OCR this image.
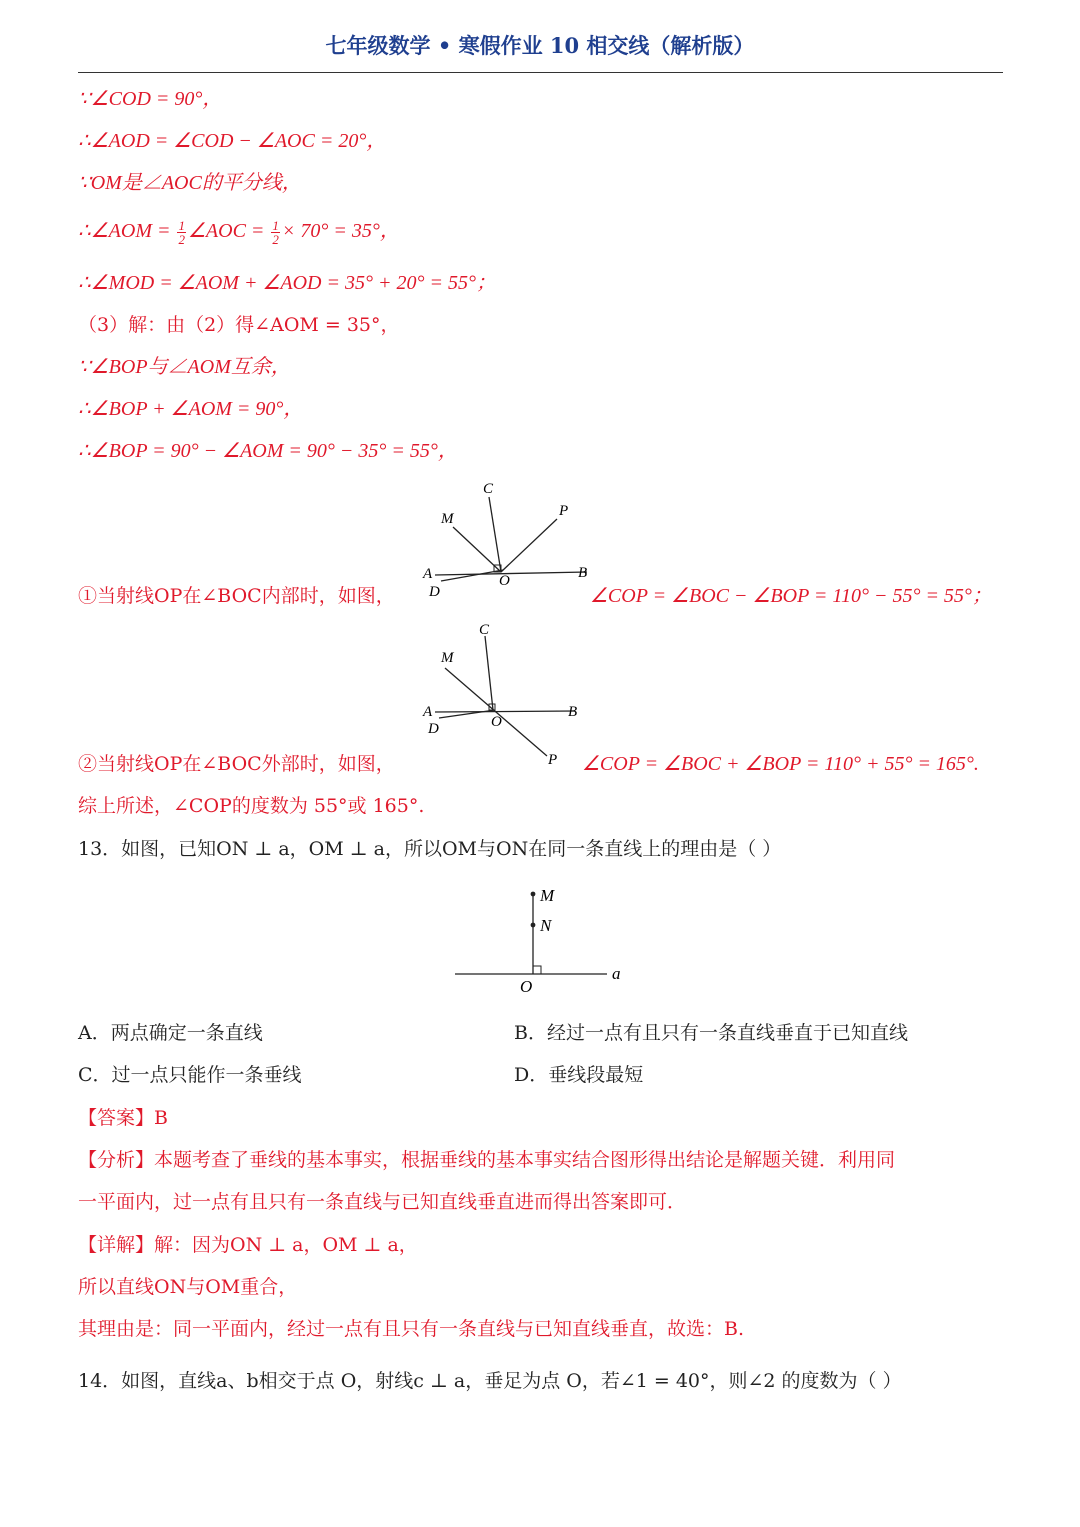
七年级数学 • 寒假作业 10 相交线（解析版）
∵∠COD = 90°，
∴∠AOD = ∠COD − ∠AOC = 20°，
∵OM是∠AOC的平分线，
∴∠AOM = $\frac{1}{2}$ ∠AOC = $\frac{1}{2} \times 70^\circ = 35^\circ$，
∴∠MOD = ∠AOM + ∠AOD = 35° + 20° = 55°；
（3）解：由（2）得∠AOM = 35°，
∵∠BOP与∠AOM互余，
∴∠BOP + ∠AOM = 90°，
∴∠BOP = 90° − ∠AOM = 90° − 35° = 55°，
C
M	P
A
D
O	B
①当射线OP在∠BOC内部时，如图，	∠COP = ∠BOC − ∠BOP = 110° − 55° = 55°；
C
M
A
D	O
B
P
②当射线OP在∠BOC外部时，如图，	∠COP = ∠BOC + ∠BOP = 110° + 55° = 165°.
综上所述，∠COP的度数为 55°或 165°.
13．如图，已知ON ⊥ a，OM ⊥ a，所以OM与ON在同一条直线上的理由是（ ）
M
N
a
O
A．两点确定一条直线	B．经过一点有且只有一条直线垂直于已知直线
C．过一点只能作一条垂线	D．垂线段最短
【答案】B
【分析】本题考查了垂线的基本事实，根据垂线的基本事实结合图形得出结论是解题关键．利用同
一平面内，过一点有且只有一条直线与已知直线垂直进而得出答案即可．
【详解】解：因为ON ⊥ a，OM ⊥ a，
所以直线ON与OM重合，
其理由是：同一平面内，经过一点有且只有一条直线与已知直线垂直，故选：B.
14．如图，直线a、b相交于点 O，射线c ⊥ a，垂足为点 O，若∠1 = 40°，则∠2 的度数为（ ）
